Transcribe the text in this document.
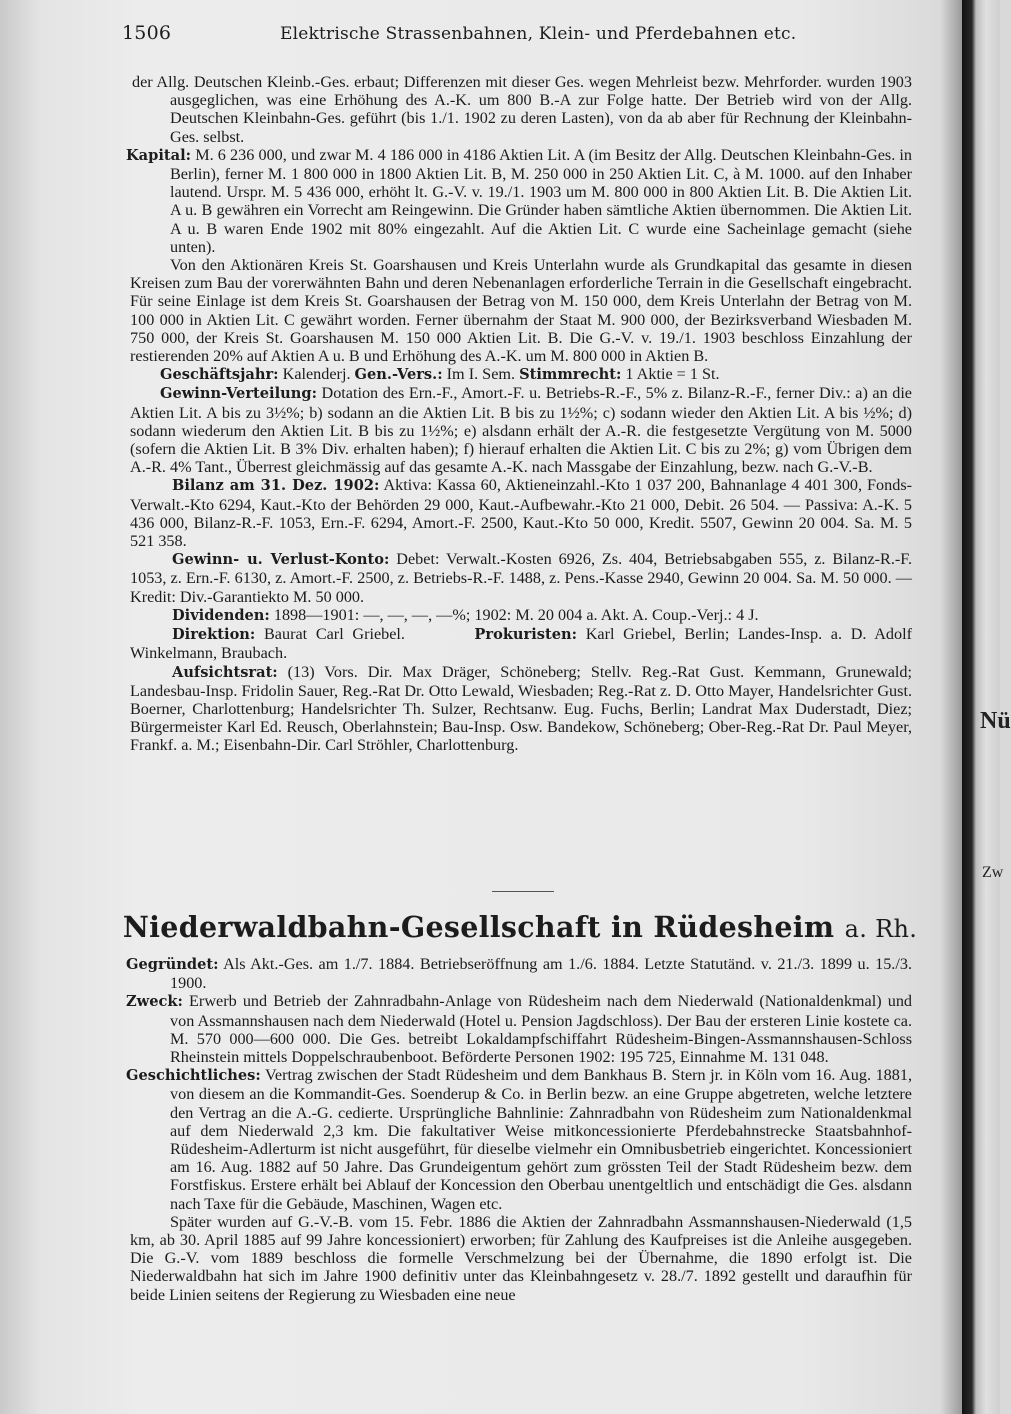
1506	Elektrische Strassenbahnen, Klein- und Pferdebahnen etc.

der Allg. Deutschen Kleinb.-Ges. erbaut; Differenzen mit dieser Ges. wegen Mehrleist bezw. Mehrforder. wurden 1903 ausgeglichen, was eine Erhöhung des A.-K. um 800 B.-A zur Folge hatte. Der Betrieb wird von der Allg. Deutschen Kleinbahn-Ges. geführt (bis 1./1. 1902 zu deren Lasten), von da ab aber für Rechnung der Kleinbahn-Ges. selbst.

Kapital: M. 6 236 000, und zwar M. 4 186 000 in 4186 Aktien Lit. A (im Besitz der Allg. Deutschen Kleinbahn-Ges. in Berlin), ferner M. 1 800 000 in 1800 Aktien Lit. B, M. 250 000 in 250 Aktien Lit. C, à M. 1000. auf den Inhaber lautend. Urspr. M. 5 436 000, erhöht lt. G.-V. v. 19./1. 1903 um M. 800 000 in 800 Aktien Lit. B. Die Aktien Lit. A u. B gewähren ein Vorrecht am Reingewinn. Die Gründer haben sämtliche Aktien übernommen. Die Aktien Lit. A u. B waren Ende 1902 mit 80% eingezahlt. Auf die Aktien Lit. C wurde eine Sacheinlage gemacht (siehe unten).

Von den Aktionären Kreis St. Goarshausen und Kreis Unterlahn wurde als Grundkapital das gesamte in diesen Kreisen zum Bau der vorerwähnten Bahn und deren Nebenanlagen erforderliche Terrain in die Gesellschaft eingebracht. Für seine Einlage ist dem Kreis St. Goarshausen der Betrag von M. 150 000, dem Kreis Unterlahn der Betrag von M. 100 000 in Aktien Lit. C gewährt worden. Ferner übernahm der Staat M. 900 000, der Bezirksverband Wiesbaden M. 750 000, der Kreis St. Goarshausen M. 150 000 Aktien Lit. B. Die G.-V. v. 19./1. 1903 beschloss Einzahlung der restierenden 20% auf Aktien A u. B und Erhöhung des A.-K. um M. 800 000 in Aktien B.

Geschäftsjahr: Kalenderj. Gen.-Vers.: Im I. Sem. Stimmrecht: 1 Aktie = 1 St.

Gewinn-Verteilung: Dotation des Ern.-F., Amort.-F. u. Betriebs-R.-F., 5% z. Bilanz-R.-F., ferner Div.: a) an die Aktien Lit. A bis zu 3½%; b) sodann an die Aktien Lit. B bis zu 1½%; c) sodann wieder den Aktien Lit. A bis ½%; d) sodann wiederum den Aktien Lit. B bis zu 1½%; e) alsdann erhält der A.-R. die festgesetzte Vergütung von M. 5000 (sofern die Aktien Lit. B 3% Div. erhalten haben); f) hierauf erhalten die Aktien Lit. C bis zu 2%; g) vom Übrigen dem A.-R. 4% Tant., Überrest gleichmässig auf das gesamte A.-K. nach Massgabe der Einzahlung, bezw. nach G.-V.-B.

Bilanz am 31. Dez. 1902: Aktiva: Kassa 60, Aktieneinzahl.-Kto 1 037 200, Bahnanlage 4 401 300, Fonds-Verwalt.-Kto 6294, Kaut.-Kto der Behörden 29 000, Kaut.-Aufbewahr.-Kto 21 000, Debit. 26 504. — Passiva: A.-K. 5 436 000, Bilanz-R.-F. 1053, Ern.-F. 6294, Amort.-F. 2500, Kaut.-Kto 50 000, Kredit. 5507, Gewinn 20 004. Sa. M. 5 521 358.

Gewinn- u. Verlust-Konto: Debet: Verwalt.-Kosten 6926, Zs. 404, Betriebsabgaben 555, z. Bilanz-R.-F. 1053, z. Ern.-F. 6130, z. Amort.-F. 2500, z. Betriebs-R.-F. 1488, z. Pens.-Kasse 2940, Gewinn 20 004. Sa. M. 50 000. — Kredit: Div.-Garantiekto M. 50 000.

Dividenden: 1898—1901: —, —, —, —%; 1902: M. 20 004 a. Akt. A. Coup.-Verj.: 4 J.

Direktion: Baurat Carl Griebel.	Prokuristen: Karl Griebel, Berlin; Landes-Insp. a. D. Adolf Winkelmann, Braubach.

Aufsichtsrat: (13) Vors. Dir. Max Dräger, Schöneberg; Stellv. Reg.-Rat Gust. Kemmann, Grunewald; Landesbau-Insp. Fridolin Sauer, Reg.-Rat Dr. Otto Lewald, Wiesbaden; Reg.-Rat z. D. Otto Mayer, Handelsrichter Gust. Boerner, Charlottenburg; Handelsrichter Th. Sulzer, Rechtsanw. Eug. Fuchs, Berlin; Landrat Max Duderstadt, Diez; Bürgermeister Karl Ed. Reusch, Oberlahnstein; Bau-Insp. Osw. Bandekow, Schöneberg; Ober-Reg.-Rat Dr. Paul Meyer, Frankf. a. M.; Eisenbahn-Dir. Carl Ströhler, Charlottenburg.

Niederwaldbahn-Gesellschaft in Rüdesheim a. Rh.

Gegründet: Als Akt.-Ges. am 1./7. 1884. Betriebseröffnung am 1./6. 1884. Letzte Statutänd. v. 21./3. 1899 u. 15./3. 1900.

Zweck: Erwerb und Betrieb der Zahnradbahn-Anlage von Rüdesheim nach dem Niederwald (Nationaldenkmal) und von Assmannshausen nach dem Niederwald (Hotel u. Pension Jagdschloss). Der Bau der ersteren Linie kostete ca. M. 570 000—600 000. Die Ges. betreibt Lokaldampfschiffahrt Rüdesheim-Bingen-Assmannshausen-Schloss Rheinstein mittels Doppelschraubenboot. Beförderte Personen 1902: 195 725, Einnahme M. 131 048.

Geschichtliches: Vertrag zwischen der Stadt Rüdesheim und dem Bankhaus B. Stern jr. in Köln vom 16. Aug. 1881, von diesem an die Kommandit-Ges. Soenderup & Co. in Berlin bezw. an eine Gruppe abgetreten, welche letztere den Vertrag an die A.-G. cedierte. Ursprüngliche Bahnlinie: Zahnradbahn von Rüdesheim zum Nationaldenkmal auf dem Niederwald 2,3 km. Die fakultativer Weise mitkoncessionierte Pferdebahnstrecke Staatsbahnhof-Rüdesheim-Adlerturm ist nicht ausgeführt, für dieselbe vielmehr ein Omnibusbetrieb eingerichtet. Koncessioniert am 16. Aug. 1882 auf 50 Jahre. Das Grundeigentum gehört zum grössten Teil der Stadt Rüdesheim bezw. dem Forstfiskus. Erstere erhält bei Ablauf der Koncession den Oberbau unentgeltlich und entschädigt die Ges. alsdann nach Taxe für die Gebäude, Maschinen, Wagen etc.

Später wurden auf G.-V.-B. vom 15. Febr. 1886 die Aktien der Zahnradbahn Assmannshausen-Niederwald (1,5 km, ab 30. April 1885 auf 99 Jahre koncessioniert) erworben; für Zahlung des Kaufpreises ist die Anleihe ausgegeben. Die G.-V. vom 1889 beschloss die formelle Verschmelzung bei der Übernahme, die 1890 erfolgt ist. Die Niederwaldbahn hat sich im Jahre 1900 definitiv unter das Kleinbahngesetz v. 28./7. 1892 gestellt und daraufhin für beide Linien seitens der Regierung zu Wiesbaden eine neue

Nü
Zw
